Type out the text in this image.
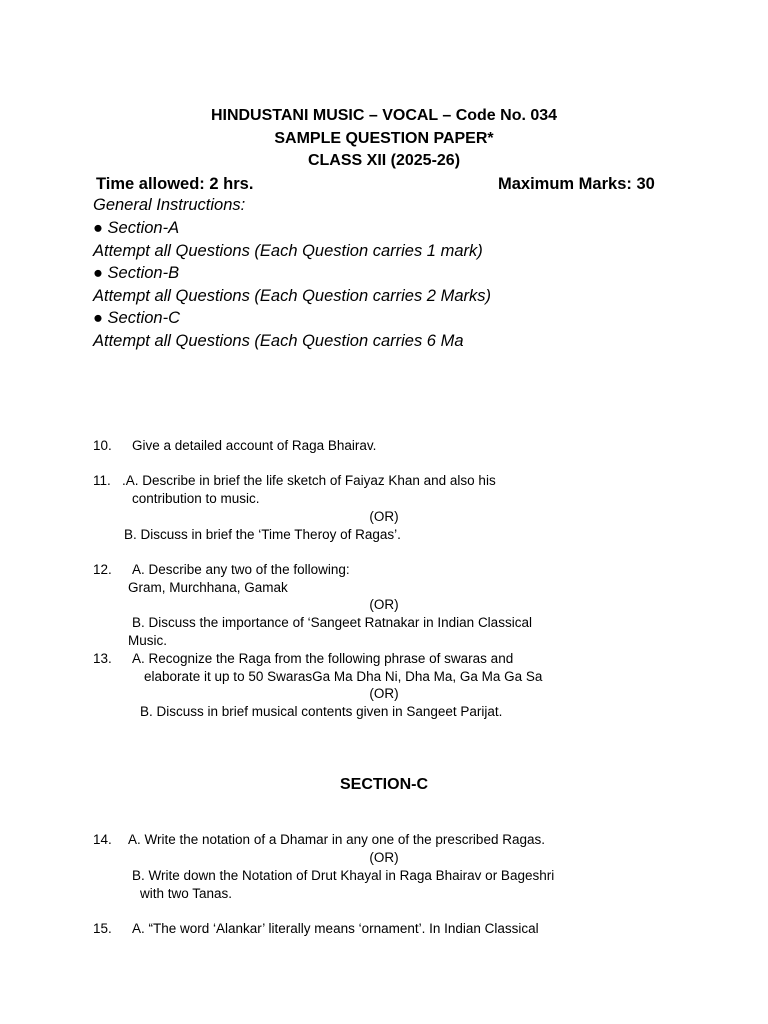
HINDUSTANI MUSIC – VOCAL – Code No. 034
SAMPLE QUESTION PAPER*
CLASS XII (2025-26)
Time allowed: 2 hrs.	Maximum Marks: 30
General Instructions:
● Section-A
Attempt all Questions (Each Question carries 1 mark)
● Section-B
Attempt all Questions (Each Question carries 2 Marks)
● Section-C
Attempt all Questions (Each Question carries 6 Ma
10. Give a detailed account of Raga Bhairav.
11. .A. Describe in brief the life sketch of Faiyaz Khan and also his
contribution to music.
(OR)
B. Discuss in brief the ‘Time Theroy of Ragas’.
12. A. Describe any two of the following:
Gram, Murchhana, Gamak
(OR)
B. Discuss the importance of ‘Sangeet Ratnakar in Indian Classical
Music.
13. A. Recognize the Raga from the following phrase of swaras and
elaborate it up to 50 SwarasGa Ma Dha Ni, Dha Ma, Ga Ma Ga Sa
(OR)
B. Discuss in brief musical contents given in Sangeet Parijat.
SECTION-C
14. A. Write the notation of a Dhamar in any one of the prescribed Ragas.
(OR)
B. Write down the Notation of Drut Khayal in Raga Bhairav or Bageshri
with two Tanas.
15. A. “The word ‘Alankar’ literally means ‘ornament’. In Indian Classical
